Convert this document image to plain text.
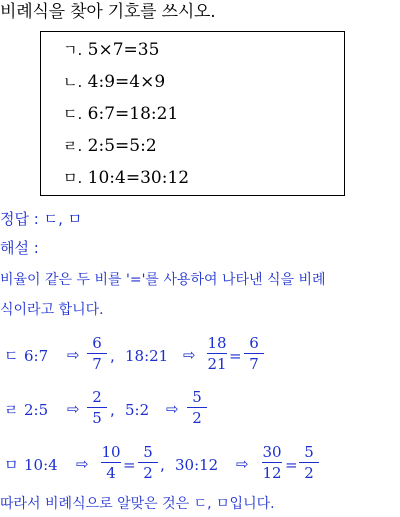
비례식을 찾아 기호를 쓰시오.
ㄱ. 5×7=35
ㄴ. 4:9=4×9
ㄷ. 6:7=18:21
ㄹ. 2:5=5:2
ㅁ. 10:4=30:12
정답 : ㄷ, ㅁ
해설 :
비율이 같은 두 비를 '='를 사용하여 나타낸 식을 비례
식이라고 합니다.
ㄷ 6:7 ⇨
6
7 , 18:21 ⇨
18
21 =
6
7
ㄹ 2:5 ⇨
2
5 , 5:2 ⇨
5
2
ㅁ 10:4 ⇨
10
4 =
5
2 , 30:12 ⇨
30
12 =
5
2
따라서 비례식으로 알맞은 것은 ㄷ, ㅁ입니다.
